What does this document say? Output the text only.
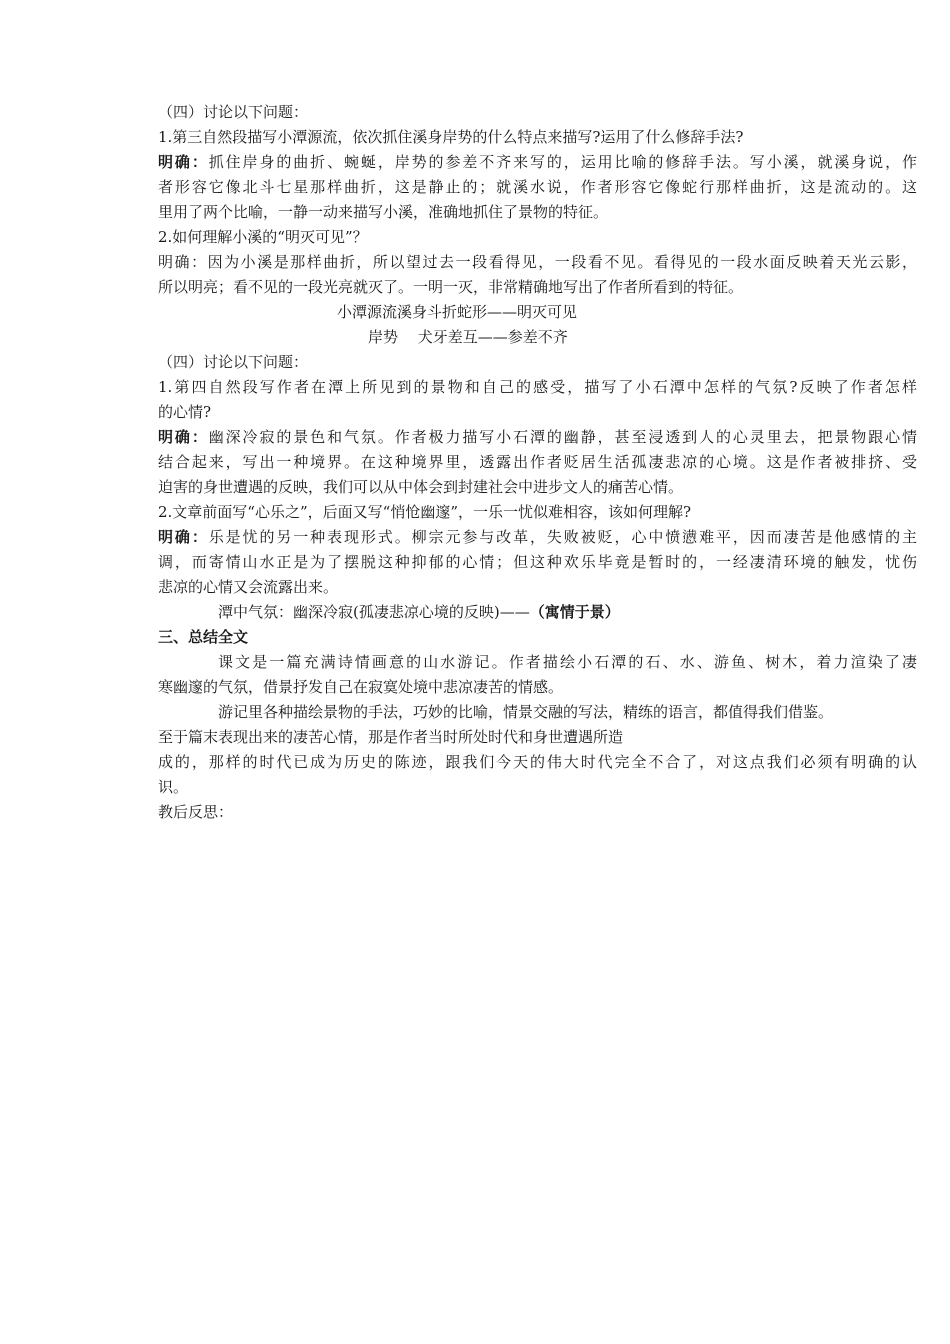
（四）讨论以下问题：
1.第三自然段描写小潭源流，依次抓住溪身岸势的什么特点来描写?运用了什么修辞手法?
明确：抓住岸身的曲折、蜿蜒，岸势的参差不齐来写的，运用比喻的修辞手法。写小溪，就溪身说，作
者形容它像北斗七星那样曲折，这是静止的；就溪水说，作者形容它像蛇行那样曲折，这是流动的。这
里用了两个比喻，一静一动来描写小溪，准确地抓住了景物的特征。
2.如何理解小溪的“明灭可见”？
明确：因为小溪是那样曲折，所以望过去一段看得见，一段看不见。看得见的一段水面反映着天光云影，
所以明亮；看不见的一段光亮就灭了。一明一灭，非常精确地写出了作者所看到的特征。
小潭源流溪身斗折蛇形——明灭可见
岸势　 犬牙差互——参差不齐
（四）讨论以下问题：
1.第四自然段写作者在潭上所见到的景物和自己的感受，描写了小石潭中怎样的气氛?反映了作者怎样
的心情?
明确：幽深冷寂的景色和气氛。作者极力描写小石潭的幽静，甚至浸透到人的心灵里去，把景物跟心情
结合起来，写出一种境界。在这种境界里，透露出作者贬居生活孤凄悲凉的心境。这是作者被排挤、受
迫害的身世遭遇的反映，我们可以从中体会到封建社会中进步文人的痛苦心情。
2.文章前面写“心乐之”，后面又写“悄怆幽邃”，一乐一忧似难相容，该如何理解?
明确：乐是忧的另一种表现形式。柳宗元参与改革，失败被贬，心中愤懑难平，因而凄苦是他感情的主
调，而寄情山水正是为了摆脱这种抑郁的心情；但这种欢乐毕竟是暂时的，一经凄清环境的触发，忧伤
悲凉的心情又会流露出来。
潭中气氛：幽深冷寂(孤凄悲凉心境的反映)——（寓情于景）
三、总结全文
课文是一篇充满诗情画意的山水游记。作者描绘小石潭的石、水、游鱼、树木，着力渲染了凄
寒幽邃的气氛，借景抒发自己在寂寞处境中悲凉凄苦的情感。
游记里各种描绘景物的手法，巧妙的比喻，情景交融的写法，精练的语言，都值得我们借鉴。
至于篇末表现出来的凄苦心情，那是作者当时所处时代和身世遭遇所造
成的，那样的时代已成为历史的陈迹，跟我们今天的伟大时代完全不合了，对这点我们必须有明确的认
识。
教后反思：
